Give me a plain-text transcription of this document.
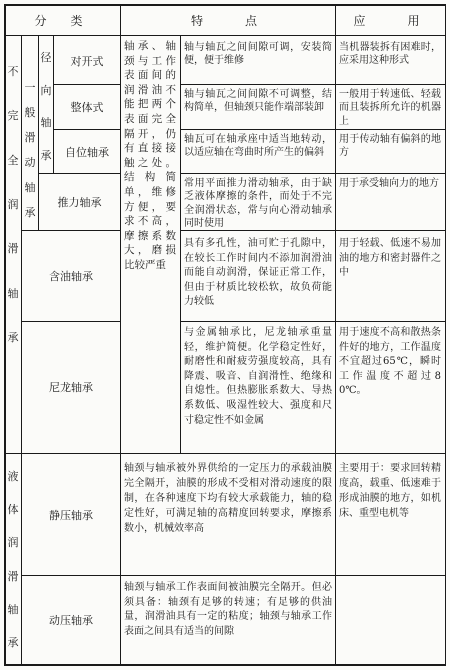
分　类	特　　点	应　　用
不
完
全
润
滑
轴
承
一
般
滑
动
轴
承
径
向
轴
承
液
体
润
滑
轴
承
对开式
整体式
自位轴承
推力轴承
含油轴承
尼龙轴承
静压轴承
动压轴承
轴承、轴颈与工作表面间的润滑油不能把两个表面完全隔开，仍有直接接触之处。结构简单，维修方便，要求不高，摩擦系数大，磨损比较严重
轴与轴瓦之间间隙可调，安装简便，便于维修
轴与轴瓦之间间隙不可调整，结构简单，但轴颈只能作端部装卸
轴瓦可在轴承座中适当地转动，以适应轴在弯曲时所产生的偏斜
常用平面推力滑动轴承，由于缺乏液体摩擦的条件，而处于不完全润滑状态，常与向心滑动轴承同时使用
具有多孔性，油可贮于孔隙中，在较长工作时间内不添加润滑油而能自动润滑，保证正常工作，但由于材质比较松软，故负荷能力较低
与金属轴承比，尼龙轴承重量轻，维护简便。化学稳定性好，耐磨性和耐疲劳强度较高，具有降震、吸音、自润滑性、绝缘和自熄性。但热膨胀系数大、导热系数低、吸湿性较大、强度和尺寸稳定性不如金属
轴颈与轴承被外界供给的一定压力的承载油膜完全隔开，油膜的形成不受相对滑动速度的限制，在各种速度下均有较大承载能力，轴的稳定性好，可满足轴的高精度回转要求，摩擦系数小，机械效率高
轴颈与轴承工作表面间被油膜完全隔开。但必须具备：轴颈有足够的转速；有足够的供油量，润滑油具有一定的粘度；轴颈与轴承工作表面之间具有适当的间隙
当机器装拆有困难时，应采用这种形式
一般用于转速低、轻载而且装拆所允许的机器上
用于传动轴有偏斜的地方
用于承受轴向力的地方
用于轻载、低速不易加油的地方和密封器件之中
用于速度不高和散热条件好的地方，工作温度不宜超过65℃，瞬时工作温度不超过80℃。
主要用于：要求回转精度高，载重、低速难于形成油膜的地方，如机床、重型电机等
